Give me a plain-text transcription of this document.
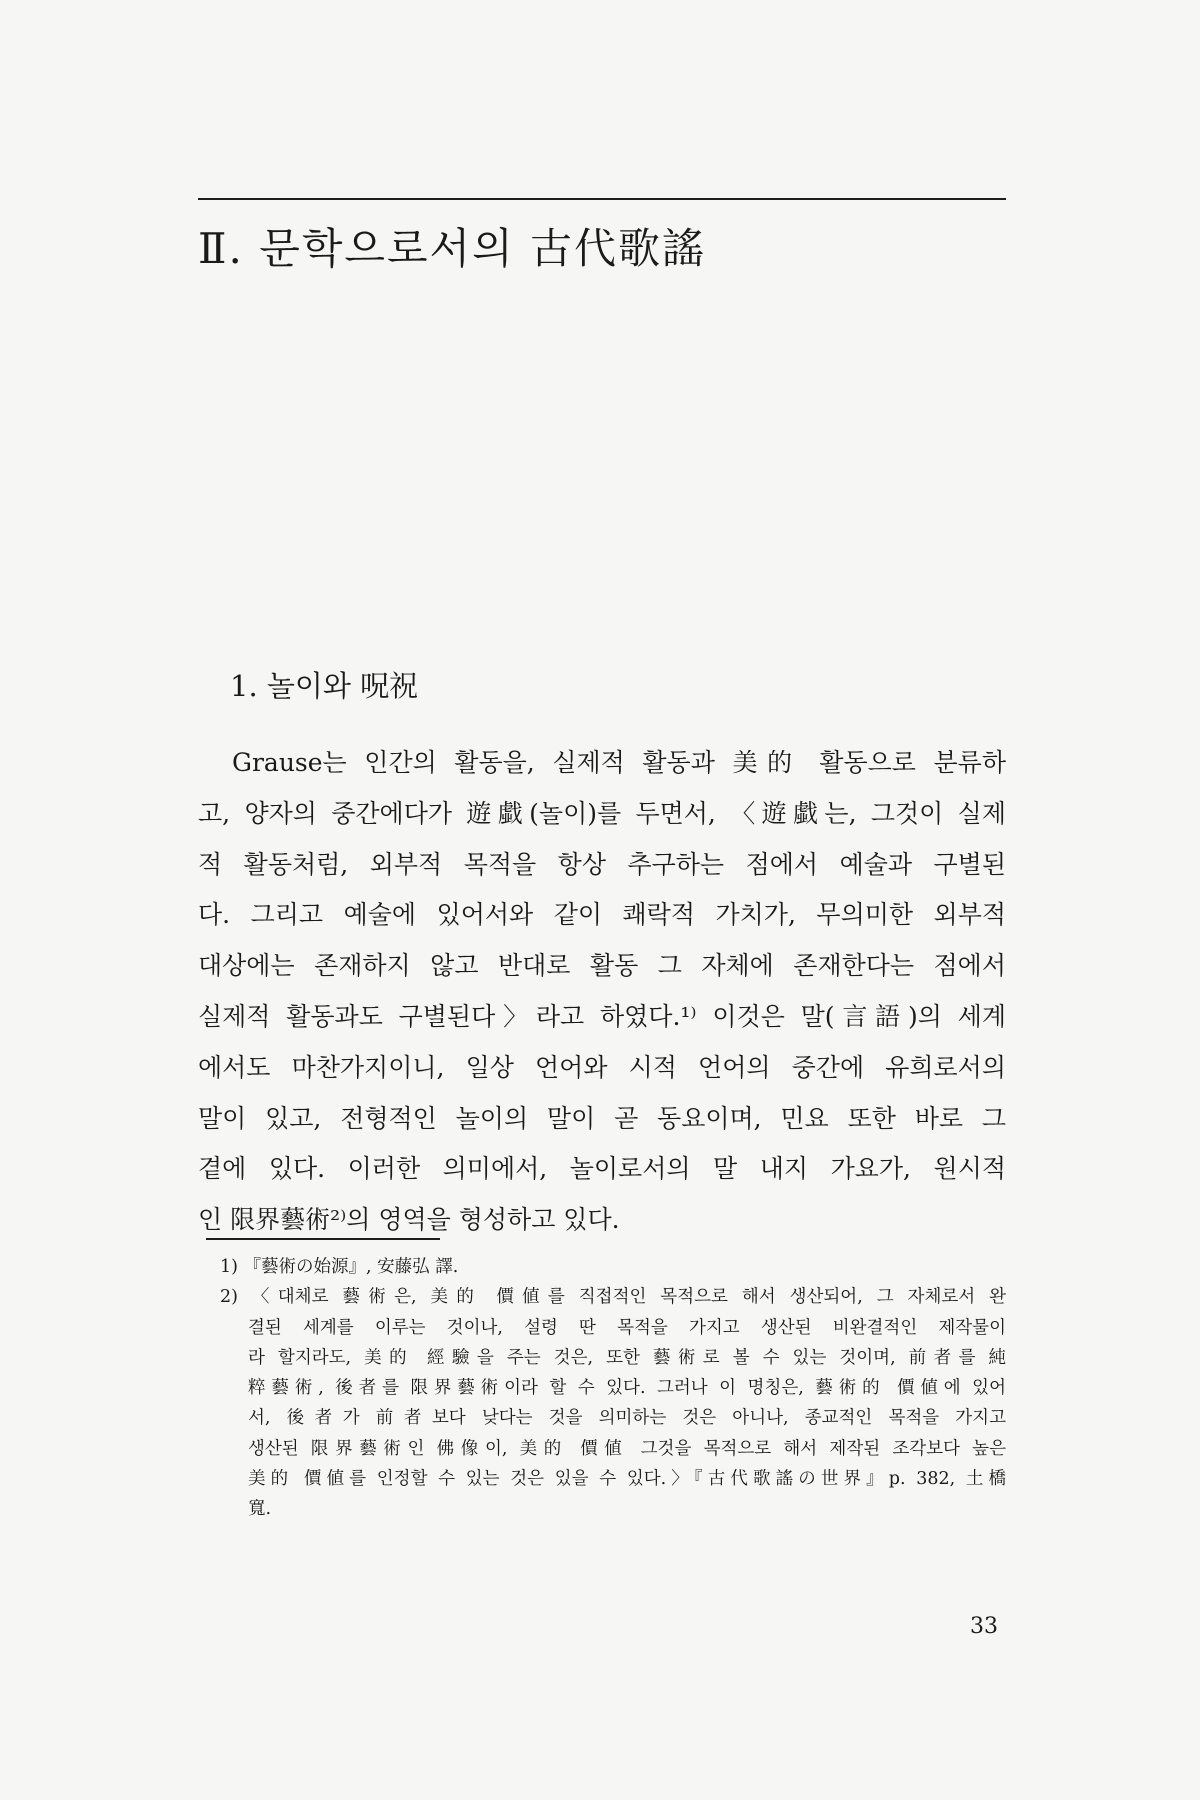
Ⅱ. 문학으로서의 古代歌謠
1. 놀이와 呪祝
Grause는 인간의 활동을, 실제적 활동과 美的 활동으로 분류하
고, 양자의 중간에다가 遊戱(놀이)를 두면서, 〈遊戱는, 그것이 실제
적 활동처럼, 외부적 목적을 항상 추구하는 점에서 예술과 구별된
다. 그리고 예술에 있어서와 같이 쾌락적 가치가, 무의미한 외부적
대상에는 존재하지 않고 반대로 활동 그 자체에 존재한다는 점에서
실제적 활동과도 구별된다〉라고 하였다.¹⁾ 이것은 말(言語)의 세계
에서도 마찬가지이니, 일상 언어와 시적 언어의 중간에 유희로서의
말이 있고, 전형적인 놀이의 말이 곧 동요이며, 민요 또한 바로 그
곁에 있다. 이러한 의미에서, 놀이로서의 말 내지 가요가, 원시적
인 限界藝術²⁾의 영역을 형성하고 있다.
1) 『藝術の始源』, 安藤弘 譯.
2) 〈대체로 藝術은, 美的 價値를 직접적인 목적으로 해서 생산되어, 그 자체로서 완
결된 세계를 이루는 것이나, 설령 딴 목적을 가지고 생산된 비완결적인 제작물이
라 할지라도, 美的 經驗을 주는 것은, 또한 藝術로 볼 수 있는 것이며, 前者를 純
粹藝術, 後者를 限界藝術이라 할 수 있다. 그러나 이 명칭은, 藝術的 價値에 있어
서, 後者가 前者보다 낮다는 것을 의미하는 것은 아니나, 종교적인 목적을 가지고
생산된 限界藝術인 佛像이, 美的 價値 그것을 목적으로 해서 제작된 조각보다 높은
美的 價値를 인정할 수 있는 것은 있을 수 있다.〉『古代歌謠の世界』p. 382, 土橋
寬.
33
